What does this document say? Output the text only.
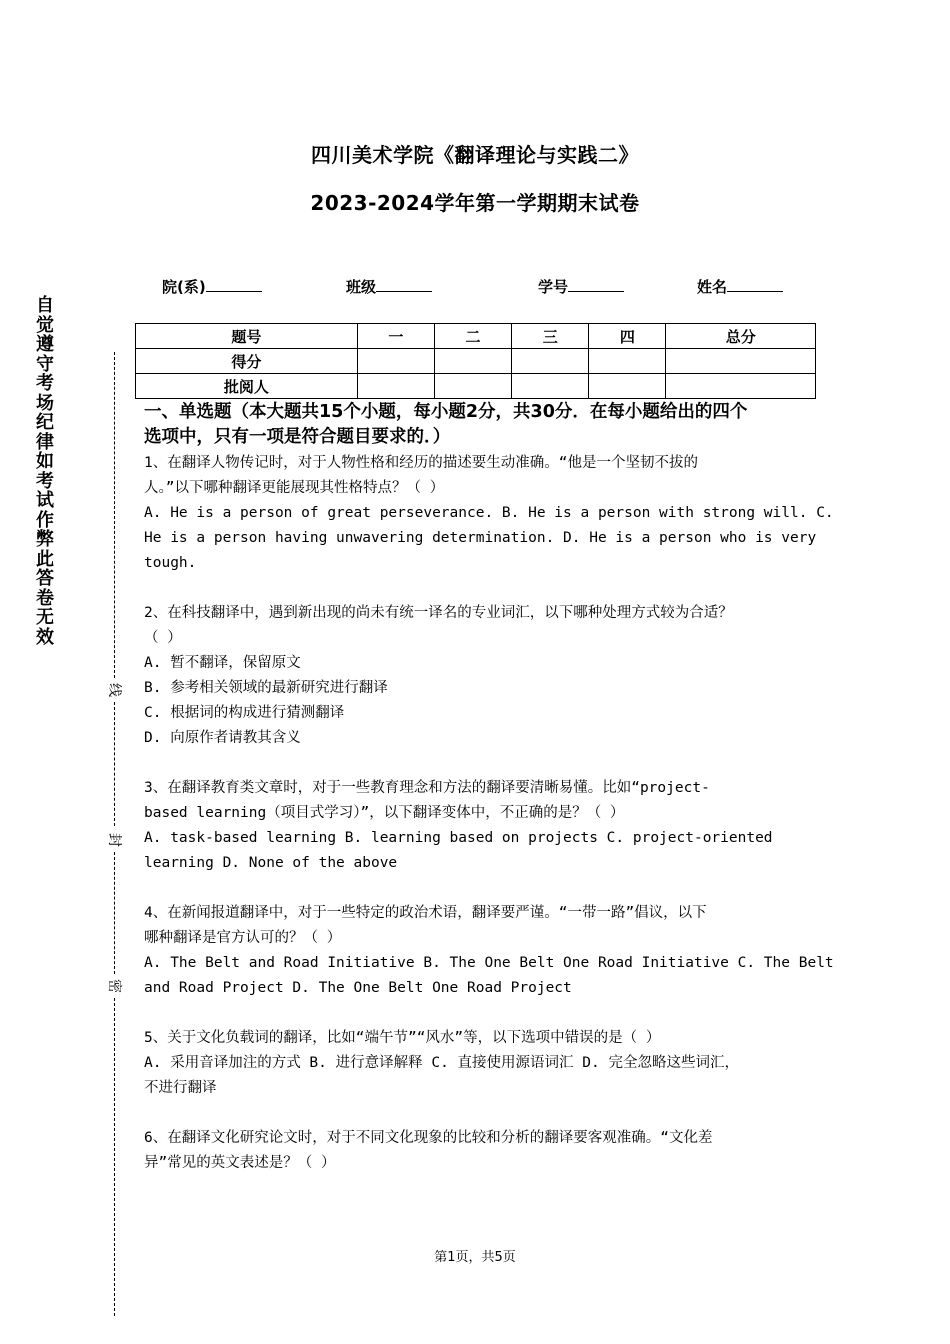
四川美术学院《翻译理论与实践二》
2023-2024学年第一学期期末试卷
院(系)	班级	学号	姓名
题号	一	二	三	四	总分
得分					
批阅人					
一、单选题（本大题共15个小题，每小题2分，共30分．在每小题给出的四个
选项中，只有一项是符合题目要求的．）
1、在翻译人物传记时，对于人物性格和经历的描述要生动准确。“他是一个坚韧不拔的
人。”以下哪种翻译更能展现其性格特点？（ ）
A. He is a person of great perseverance. B. He is a person with strong will. C.
He is a person having unwavering determination. D. He is a person who is very
tough.
2、在科技翻译中，遇到新出现的尚未有统一译名的专业词汇，以下哪种处理方式较为合适？
（ ）
A. 暂不翻译，保留原文
B. 参考相关领域的最新研究进行翻译
C. 根据词的构成进行猜测翻译
D. 向原作者请教其含义
3、在翻译教育类文章时，对于一些教育理念和方法的翻译要清晰易懂。比如“project-
based learning（项目式学习）”，以下翻译变体中，不正确的是？（ ）
A. task-based learning B. learning based on projects C. project-oriented
learning D. None of the above
4、在新闻报道翻译中，对于一些特定的政治术语，翻译要严谨。“一带一路”倡议，以下
哪种翻译是官方认可的？（ ）
A. The Belt and Road Initiative B. The One Belt One Road Initiative C. The Belt
and Road Project D. The One Belt One Road Project
5、关于文化负载词的翻译，比如“端午节”“风水”等，以下选项中错误的是（ ）
A. 采用音译加注的方式 B. 进行意译解释 C. 直接使用源语词汇 D. 完全忽略这些词汇，
不进行翻译
6、在翻译文化研究论文时，对于不同文化现象的比较和分析的翻译要客观准确。“文化差
异”常见的英文表述是？（ ）
自觉遵守考场纪律如考试作弊此答卷无效
线
封
密
第1页，共5页
